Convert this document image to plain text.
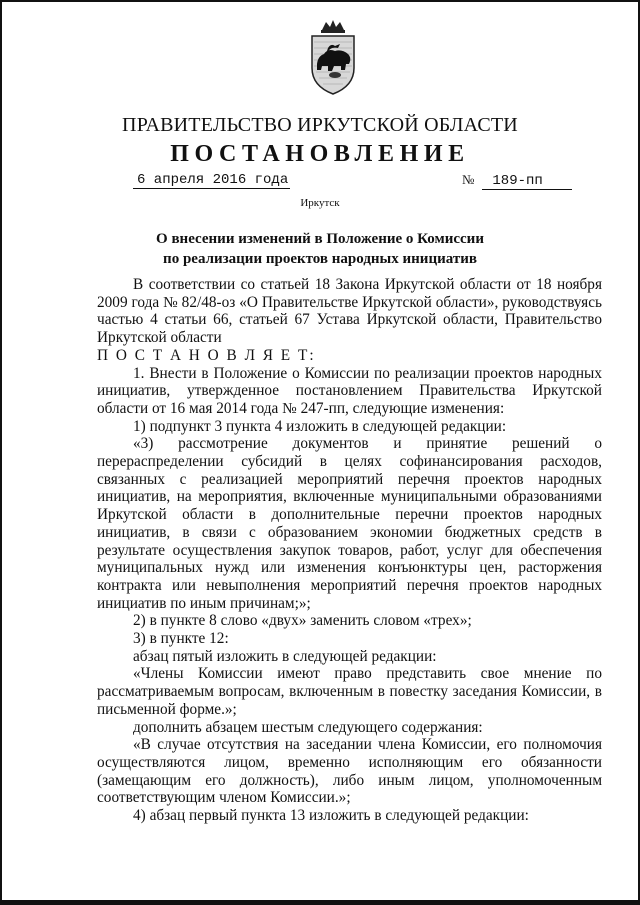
ПРАВИТЕЛЬСТВО ИРКУТСКОЙ ОБЛАСТИ
ПОСТАНОВЛЕНИЕ
6 апреля 2016 года	№ 189-пп
Иркутск
О внесении изменений в Положение о Комиссии
по реализации проектов народных инициатив

В соответствии со статьей 18 Закона Иркутской области от 18 ноября 2009 года № 82/48-оз «О Правительстве Иркутской области», руководствуясь частью 4 статьи 66, статьей 67 Устава Иркутской области, Правительство Иркутской области

П О С Т А Н О В Л Я Е Т:

1. Внести в Положение о Комиссии по реализации проектов народных инициатив, утвержденное постановлением Правительства Иркутской области от 16 мая 2014 года № 247-пп, следующие изменения:

1) подпункт 3 пункта 4 изложить в следующей редакции:

«3) рассмотрение документов и принятие решений о перераспределении субсидий в целях софинансирования расходов, связанных с реализацией мероприятий перечня проектов народных инициатив, на мероприятия, включенные муниципальными образованиями Иркутской области в дополнительные перечни проектов народных инициатив, в связи с образованием экономии бюджетных средств в результате осуществления закупок товаров, работ, услуг для обеспечения муниципальных нужд или изменения конъюнктуры цен, расторжения контракта или невыполнения мероприятий перечня проектов народных инициатив по иным причинам;»;

2) в пункте 8 слово «двух» заменить словом «трех»;

3) в пункте 12:

абзац пятый изложить в следующей редакции:

«Члены Комиссии имеют право представить свое мнение по рассматриваемым вопросам, включенным в повестку заседания Комиссии, в письменной форме.»;

дополнить абзацем шестым следующего содержания:

«В случае отсутствия на заседании члена Комиссии, его полномочия осуществляются лицом, временно исполняющим его обязанности (замещающим его должность), либо иным лицом, уполномоченным соответствующим членом Комиссии.»;

4) абзац первый пункта 13 изложить в следующей редакции:
